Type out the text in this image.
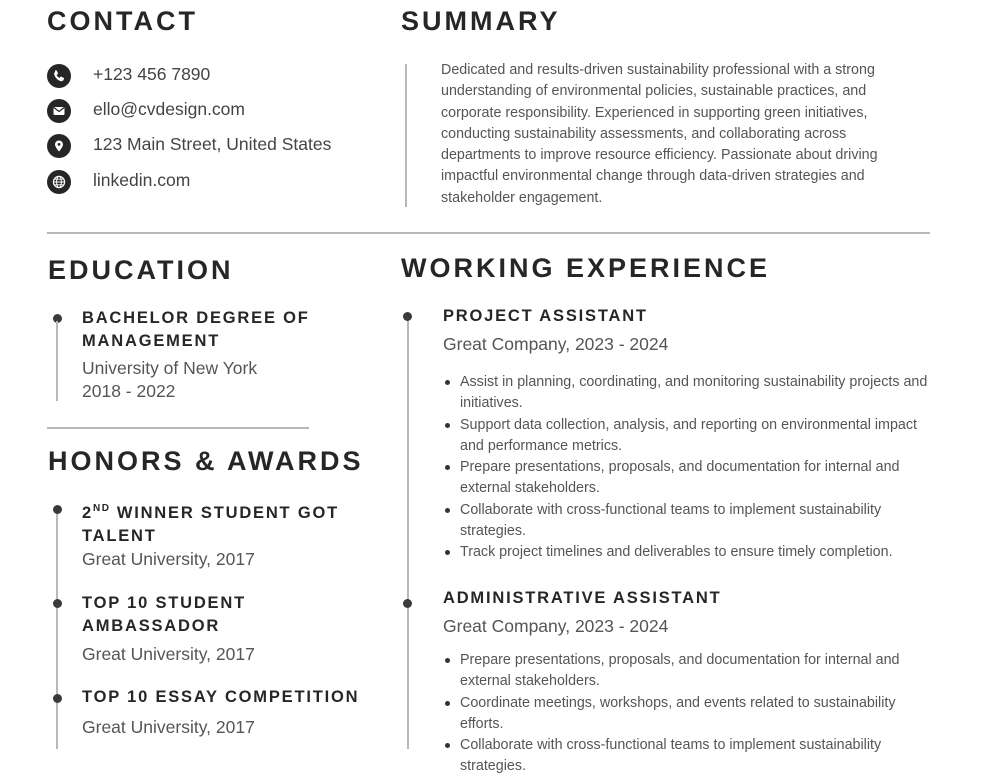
CONTACT
+123 456 7890
ello@cvdesign.com
123 Main Street, United States
linkedin.com
SUMMARY

Dedicated and results-driven sustainability professional with a strong understanding of environmental policies, sustainable practices, and corporate responsibility. Experienced in supporting green initiatives, conducting sustainability assessments, and collaborating across departments to improve resource efficiency. Passionate about driving impactful environmental change through data-driven strategies and stakeholder engagement.

EDUCATION

BACHELOR DEGREE OF MANAGEMENT

University of New York
2018 - 2022
HONORS & AWARDS

2ND WINNER STUDENT GOT TALENT

Great University, 2017

TOP 10 STUDENT AMBASSADOR

Great University, 2017

TOP 10 ESSAY COMPETITION

Great University, 2017
WORKING EXPERIENCE

PROJECT ASSISTANT

Great Company, 2023 - 2024
Assist in planning, coordinating, and monitoring sustainability projects and initiatives.
Support data collection, analysis, and reporting on environmental impact and performance metrics.
Prepare presentations, proposals, and documentation for internal and external stakeholders.
Collaborate with cross-functional teams to implement sustainability strategies.
Track project timelines and deliverables to ensure timely completion.

ADMINISTRATIVE ASSISTANT

Great Company, 2023 - 2024
Prepare presentations, proposals, and documentation for internal and external stakeholders.
Coordinate meetings, workshops, and events related to sustainability efforts.
Collaborate with cross-functional teams to implement sustainability strategies.
